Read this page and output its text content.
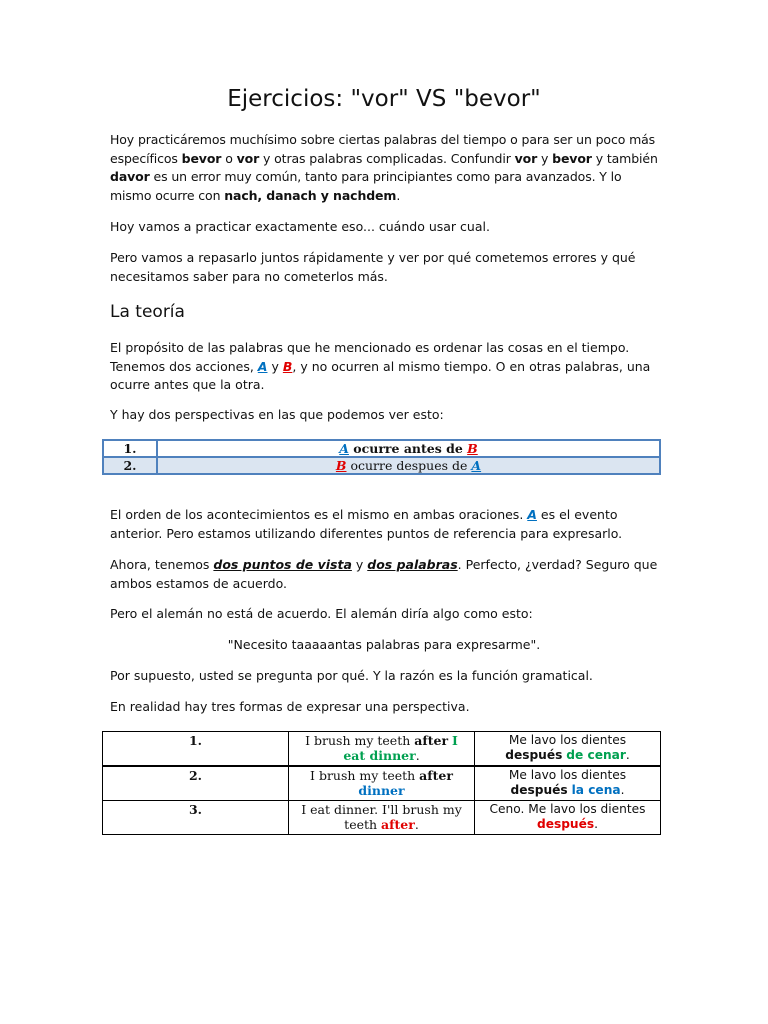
Ejercicios: "vor" VS "bevor"

Hoy practicáremos muchísimo sobre ciertas palabras del tiempo o para ser un poco más específicos bevor o vor y otras palabras complicadas. Confundir vor y bevor y también davor es un error muy común, tanto para principiantes como para avanzados. Y lo mismo ocurre con nach, danach y nachdem.

Hoy vamos a practicar exactamente eso... cuándo usar cual.

Pero vamos a repasarlo juntos rápidamente y ver por qué cometemos errores y qué necesitamos saber para no cometerlos más.

La teoría

El propósito de las palabras que he mencionado es ordenar las cosas en el tiempo. Tenemos dos acciones, A y B, y no ocurren al mismo tiempo. O en otras palabras, una ocurre antes que la otra.

Y hay dos perspectivas en las que podemos ver esto:

El orden de los acontecimientos es el mismo en ambas oraciones. A es el evento anterior. Pero estamos utilizando diferentes puntos de referencia para expresarlo.

Ahora, tenemos dos puntos de vista y dos palabras. Perfecto, ¿verdad? Seguro que ambos estamos de acuerdo.

Pero el alemán no está de acuerdo. El alemán diría algo como esto:

"Necesito taaaaantas palabras para expresarme".

Por supuesto, usted se pregunta por qué. Y la razón es la función gramatical.

En realidad hay tres formas de expresar una perspectiva.

1.	A ocurre antes de B
2.	B ocurre despues de A
1.	I brush my teeth after I eat dinner.	Me lavo los dientes después de cenar.
2.	I brush my teeth after dinner	Me lavo los dientes después la cena.
3.	I eat dinner. I'll brush my teeth after.	Ceno. Me lavo los dientes después.
